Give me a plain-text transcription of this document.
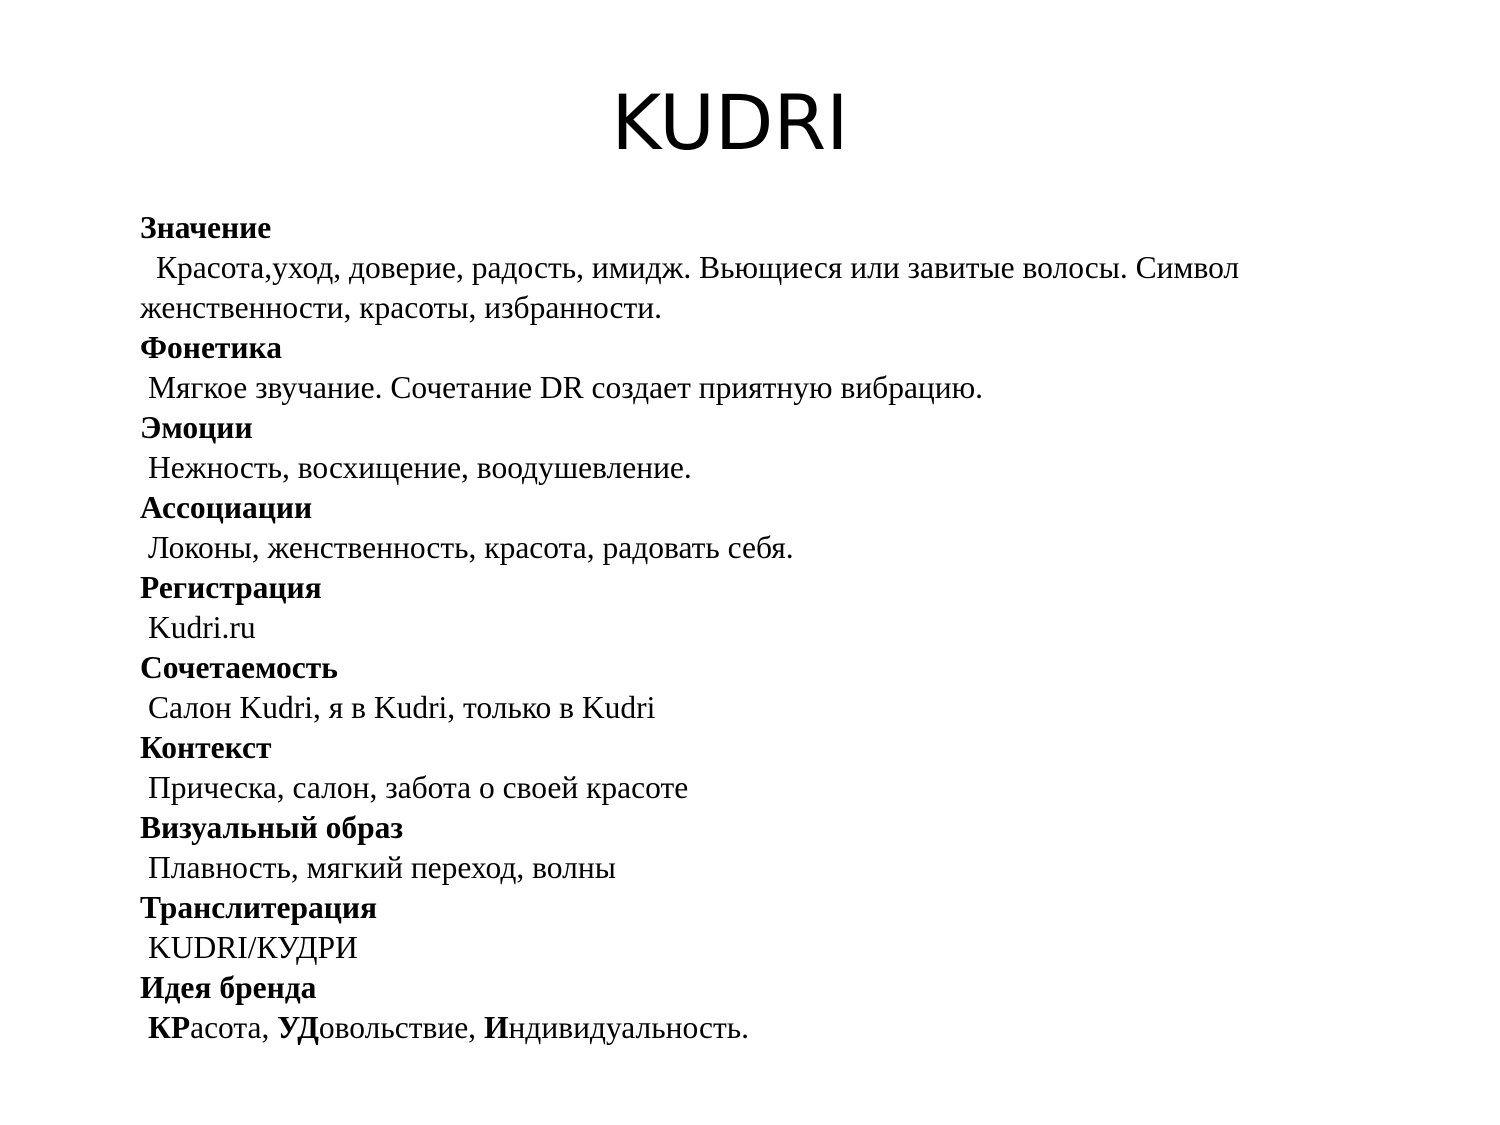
KUDRI
Значение
Красота,уход, доверие, радость, имидж. Вьющиеся или завитые волосы. Символ
женственности, красоты, избранности.
Фонетика
Мягкое звучание. Сочетание DR создает приятную вибрацию.
Эмоции
Нежность, восхищение, воодушевление.
Ассоциации
Локоны, женственность, красота, радовать себя.
Регистрация
Kudri.ru
Сочетаемость
Салон Kudri, я в Kudri, только в Kudri
Контекст
Прическа, салон, забота о своей красоте
Визуальный образ
Плавность, мягкий переход, волны
Транслитерация
KUDRI/КУДРИ
Идея бренда
КРасота, УДовольствие, Индивидуальность.
